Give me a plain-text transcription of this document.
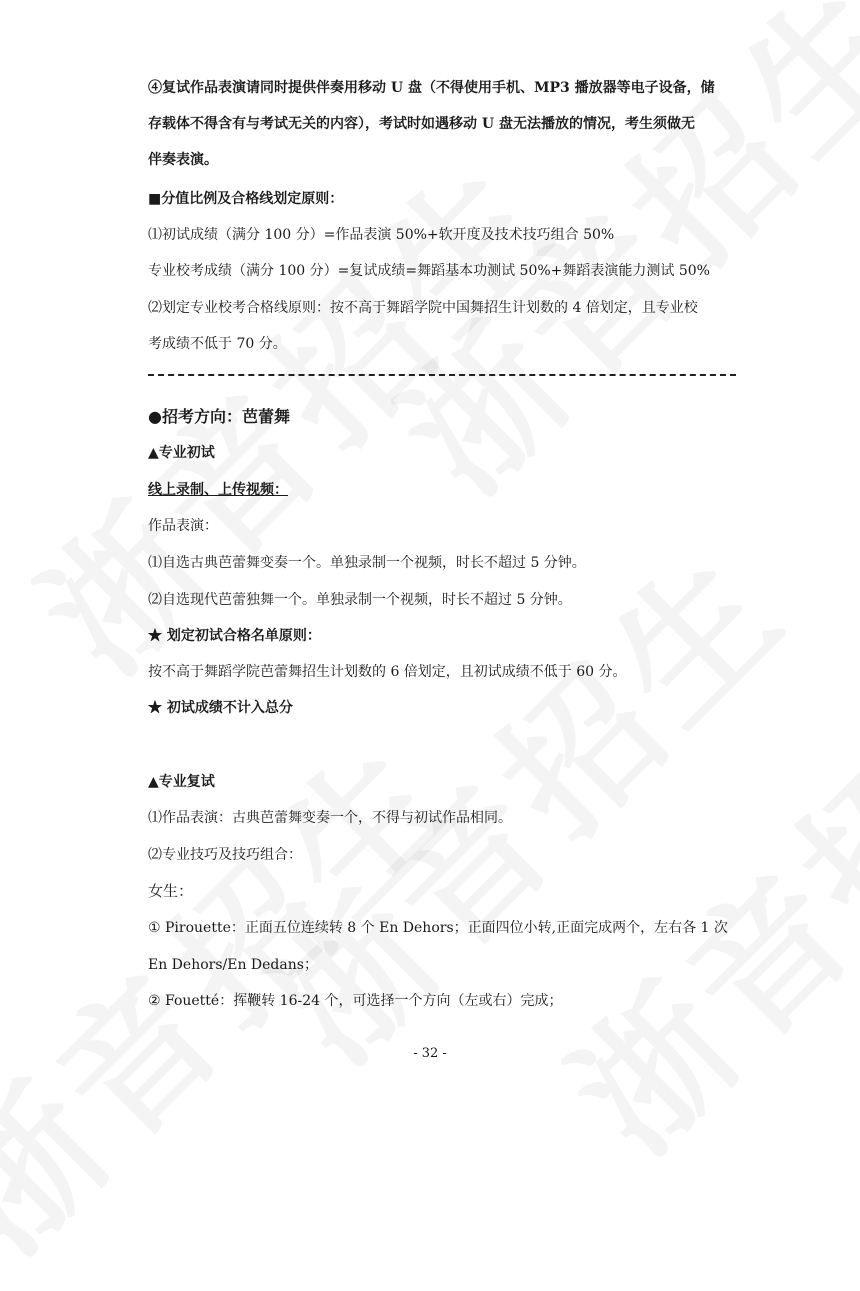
④复试作品表演请同时提供伴奏用移动 U 盘（不得使用手机、MP3 播放器等电子设备，储
存载体不得含有与考试无关的内容），考试时如遇移动 U 盘无法播放的情况，考生须做无
伴奏表演。
■分值比例及合格线划定原则：
⑴初试成绩（满分 100 分）=作品表演 50%+软开度及技术技巧组合 50%
专业校考成绩（满分 100 分）=复试成绩=舞蹈基本功测试 50%+舞蹈表演能力测试 50%
⑵划定专业校考合格线原则：按不高于舞蹈学院中国舞招生计划数的 4 倍划定，且专业校
考成绩不低于 70 分。
●招考方向：芭蕾舞
▲专业初试
线上录制、上传视频：
作品表演：
⑴自选古典芭蕾舞变奏一个。单独录制一个视频，时长不超过 5 分钟。
⑵自选现代芭蕾独舞一个。单独录制一个视频，时长不超过 5 分钟。
★ 划定初试合格名单原则：
按不高于舞蹈学院芭蕾舞招生计划数的 6 倍划定，且初试成绩不低于 60 分。
★ 初试成绩不计入总分
▲专业复试
⑴作品表演：古典芭蕾舞变奏一个，不得与初试作品相同。
⑵专业技巧及技巧组合：
女生：
① Pirouette：正面五位连续转 8 个 En Dehors；正面四位小转,正面完成两个，左右各 1 次
En Dehors/En Dedans；
② Fouetté：挥鞭转 16-24 个，可选择一个方向（左或右）完成；
- 32 -
